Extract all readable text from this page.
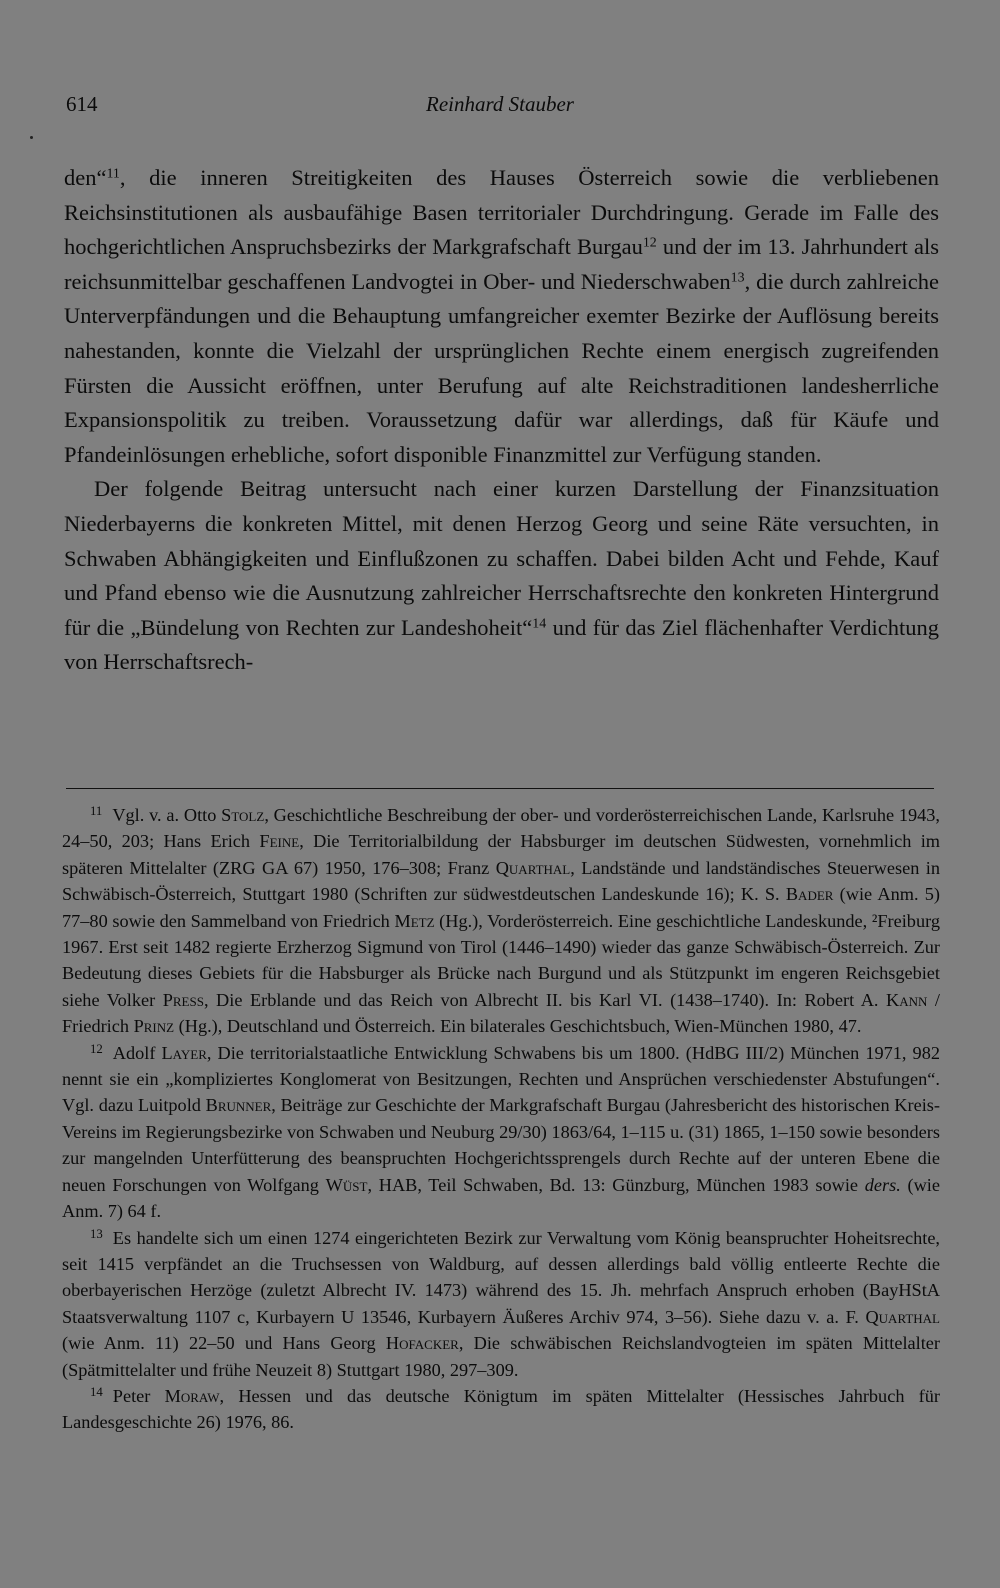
614	Reinhard Stauber

den“$^{11}$, die inneren Streitigkeiten des Hauses Österreich sowie die verbliebenen Reichsinstitutionen als ausbaufähige Basen territorialer Durchdringung. Gerade im Falle des hochgerichtlichen Anspruchsbezirks der Markgrafschaft Burgau$^{12}$ und der im 13. Jahrhundert als reichsunmittelbar geschaffenen Landvogtei in Ober- und Niederschwaben$^{13}$, die durch zahlreiche Unterverpfändungen und die Behauptung umfangreicher exemter Bezirke der Auflösung bereits nahestanden, konnte die Vielzahl der ursprünglichen Rechte einem energisch zugreifenden Fürsten die Aussicht eröffnen, unter Berufung auf alte Reichstraditionen landesherrliche Expansionspolitik zu treiben. Voraussetzung dafür war allerdings, daß für Käufe und Pfandeinlösungen erhebliche, sofort disponible Finanzmittel zur Verfügung standen.

Der folgende Beitrag untersucht nach einer kurzen Darstellung der Finanzsituation Niederbayerns die konkreten Mittel, mit denen Herzog Georg und seine Räte versuchten, in Schwaben Abhängigkeiten und Einflußzonen zu schaffen. Dabei bilden Acht und Fehde, Kauf und Pfand ebenso wie die Ausnutzung zahlreicher Herrschaftsrechte den konkreten Hintergrund für die „Bündelung von Rechten zur Landeshoheit“$^{14}$ und für das Ziel flächenhafter Verdichtung von Herrschaftsrech-

$^{11}$ Vgl. v. a. Otto Stolz, Geschichtliche Beschreibung der ober- und vorderösterreichischen Lande, Karlsruhe 1943, 24–50, 203; Hans Erich Feine, Die Territorialbildung der Habsburger im deutschen Südwesten, vornehmlich im späteren Mittelalter (ZRG GA 67) 1950, 176–308; Franz Quarthal, Landstände und landständisches Steuerwesen in Schwäbisch-Österreich, Stuttgart 1980 (Schriften zur südwestdeutschen Landeskunde 16); K. S. Bader (wie Anm. 5) 77–80 sowie den Sammelband von Friedrich Metz (Hg.), Vorderösterreich. Eine geschichtliche Landeskunde, ²Freiburg 1967. Erst seit 1482 regierte Erzherzog Sigmund von Tirol (1446–1490) wieder das ganze Schwäbisch-Österreich. Zur Bedeutung dieses Gebiets für die Habsburger als Brücke nach Burgund und als Stützpunkt im engeren Reichsgebiet siehe Volker Press, Die Erblande und das Reich von Albrecht II. bis Karl VI. (1438–1740). In: Robert A. Kann / Friedrich Prinz (Hg.), Deutschland und Österreich. Ein bilaterales Geschichtsbuch, Wien-München 1980, 47.

$^{12}$ Adolf Layer, Die territorialstaatliche Entwicklung Schwabens bis um 1800. (HdBG III/2) München 1971, 982 nennt sie ein „kompliziertes Konglomerat von Besitzungen, Rechten und Ansprüchen verschiedenster Abstufungen“. Vgl. dazu Luitpold Brunner, Beiträge zur Geschichte der Markgrafschaft Burgau (Jahresbericht des historischen Kreis-Vereins im Regierungsbezirke von Schwaben und Neuburg 29/30) 1863/64, 1–115 u. (31) 1865, 1–150 sowie besonders zur mangelnden Unterfütterung des beanspruchten Hochgerichtssprengels durch Rechte auf der unteren Ebene die neuen Forschungen von Wolfgang Wüst, HAB, Teil Schwaben, Bd. 13: Günzburg, München 1983 sowie ders. (wie Anm. 7) 64 f.

$^{13}$ Es handelte sich um einen 1274 eingerichteten Bezirk zur Verwaltung vom König beanspruchter Hoheitsrechte, seit 1415 verpfändet an die Truchsessen von Waldburg, auf dessen allerdings bald völlig entleerte Rechte die oberbayerischen Herzöge (zuletzt Albrecht IV. 1473) während des 15. Jh. mehrfach Anspruch erhoben (BayHStA Staatsverwaltung 1107 c, Kurbayern U 13546, Kurbayern Äußeres Archiv 974, 3–56). Siehe dazu v. a. F. Quarthal (wie Anm. 11) 22–50 und Hans Georg Hofacker, Die schwäbischen Reichslandvogteien im späten Mittelalter (Spätmittelalter und frühe Neuzeit 8) Stuttgart 1980, 297–309.

$^{14}$ Peter Moraw, Hessen und das deutsche Königtum im späten Mittelalter (Hessisches Jahrbuch für Landesgeschichte 26) 1976, 86.
